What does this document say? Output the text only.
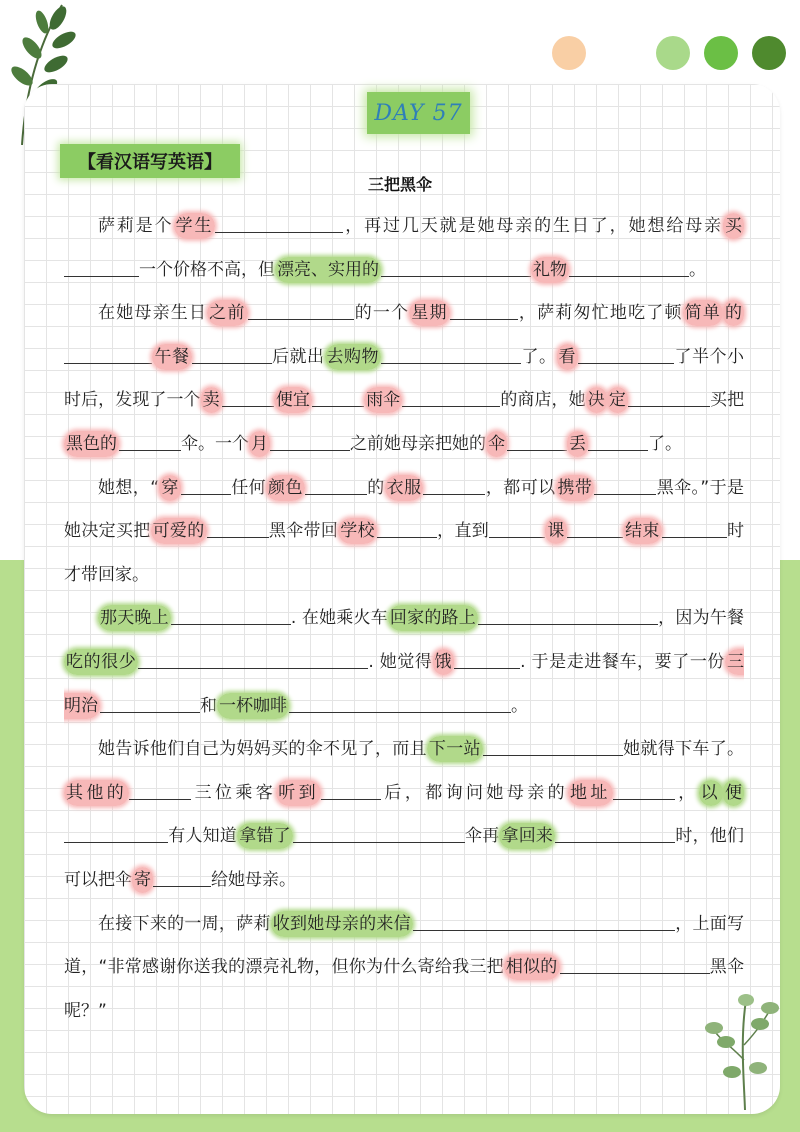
DAY 57
【看汉语写英语】
三把黑伞

萨莉是个 学生	，再过几天就是她母亲的生日了，她想给母亲 买一个价格不高，但 漂亮、实用的	礼物	。

在她母亲生日 之前	的一个 星期	，萨莉匆忙地吃了顿 简单 的午餐	后就出 去购物	了。 看	了半个小时后，发现了一个 卖	便宜	雨伞	的商店，她 决 定	买把黑色的	伞。一个 月	之前她母亲把她的 伞	丢	了。

她想，“ 穿	任何 颜色	的 衣服	，都可以 携带	黑伞。”于是她决定买把 可爱的	黑伞带回 学校	，直到	课	结束	时才带回家。

那天晚上	. 在她乘火车 回家的路上	，因为午餐吃的很少	. 她觉得 饿	. 于是走进餐车，要了一份 三明治	和 一杯咖啡	。

她告诉他们自己为妈妈买的伞不见了，而且 下一站	她就得下车了。其他的	三位乘客 听到	后，都询问她母亲的 地址	， 以 便有人知道 拿错了	伞再 拿回来	时，他们可以把伞 寄	给她母亲。

在接下来的一周，萨莉 收到她母亲的来信	，上面写道，“非常感谢你送我的漂亮礼物，但你为什么寄给我三把 相似的	黑伞呢？”
